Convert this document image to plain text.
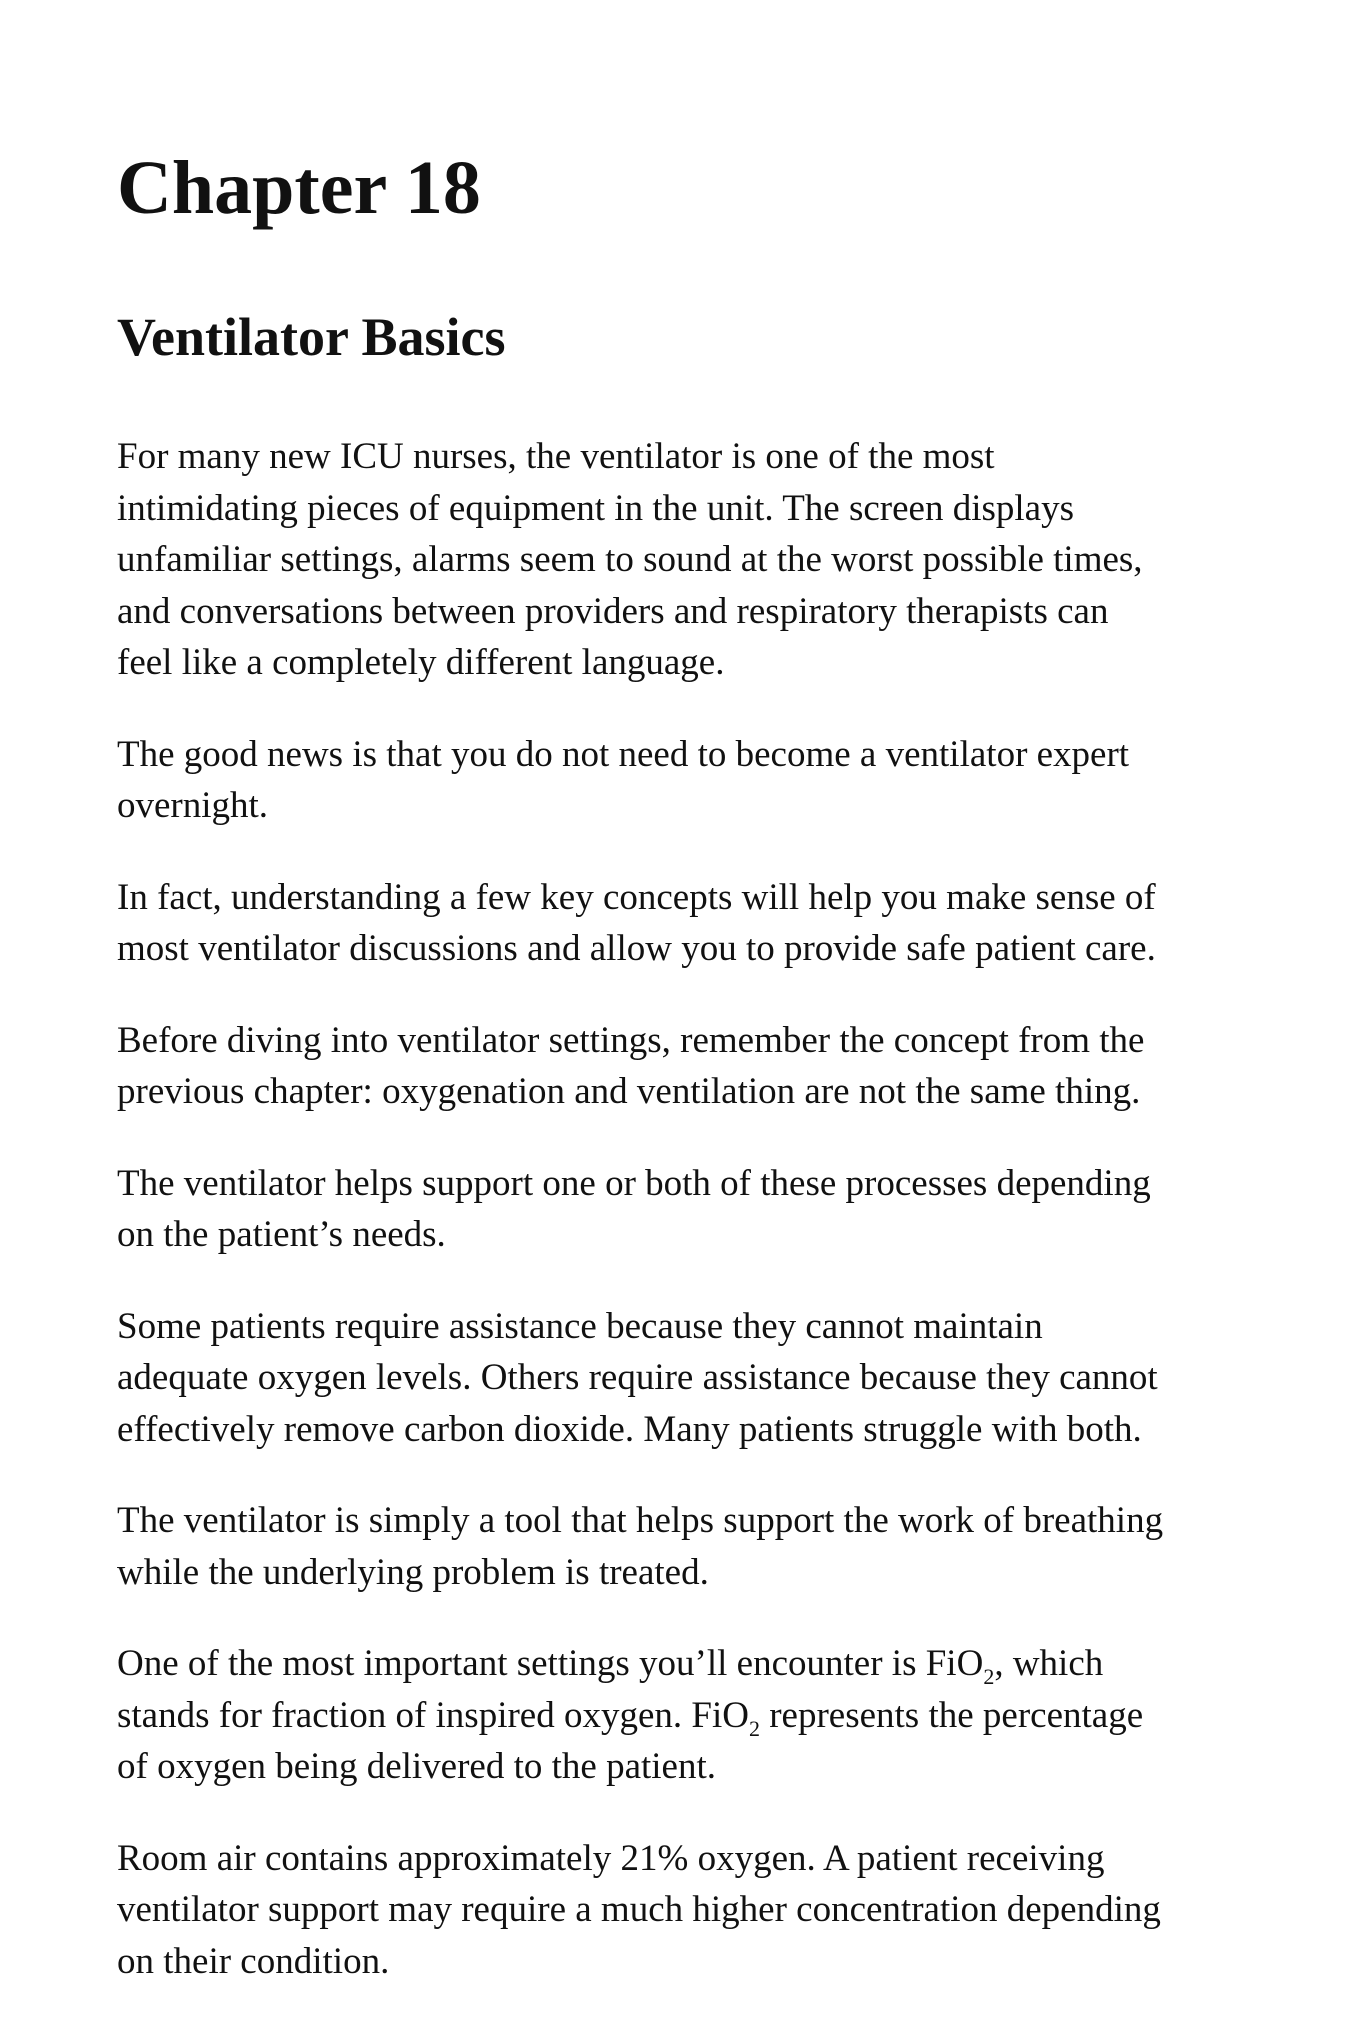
Chapter 18
Ventilator Basics

For many new ICU nurses, the ventilator is one of the most
intimidating pieces of equipment in the unit. The screen displays
unfamiliar settings, alarms seem to sound at the worst possible times,
and conversations between providers and respiratory therapists can
feel like a completely different language.

The good news is that you do not need to become a ventilator expert
overnight.

In fact, understanding a few key concepts will help you make sense of
most ventilator discussions and allow you to provide safe patient care.

Before diving into ventilator settings, remember the concept from the
previous chapter: oxygenation and ventilation are not the same thing.

The ventilator helps support one or both of these processes depending
on the patient’s needs.

Some patients require assistance because they cannot maintain
adequate oxygen levels. Others require assistance because they cannot
effectively remove carbon dioxide. Many patients struggle with both.

The ventilator is simply a tool that helps support the work of breathing
while the underlying problem is treated.

One of the most important settings you’ll encounter is FiO$_2$, which
stands for fraction of inspired oxygen. FiO$_2$ represents the percentage
of oxygen being delivered to the patient.

Room air contains approximately 21% oxygen. A patient receiving
ventilator support may require a much higher concentration depending
on their condition.
